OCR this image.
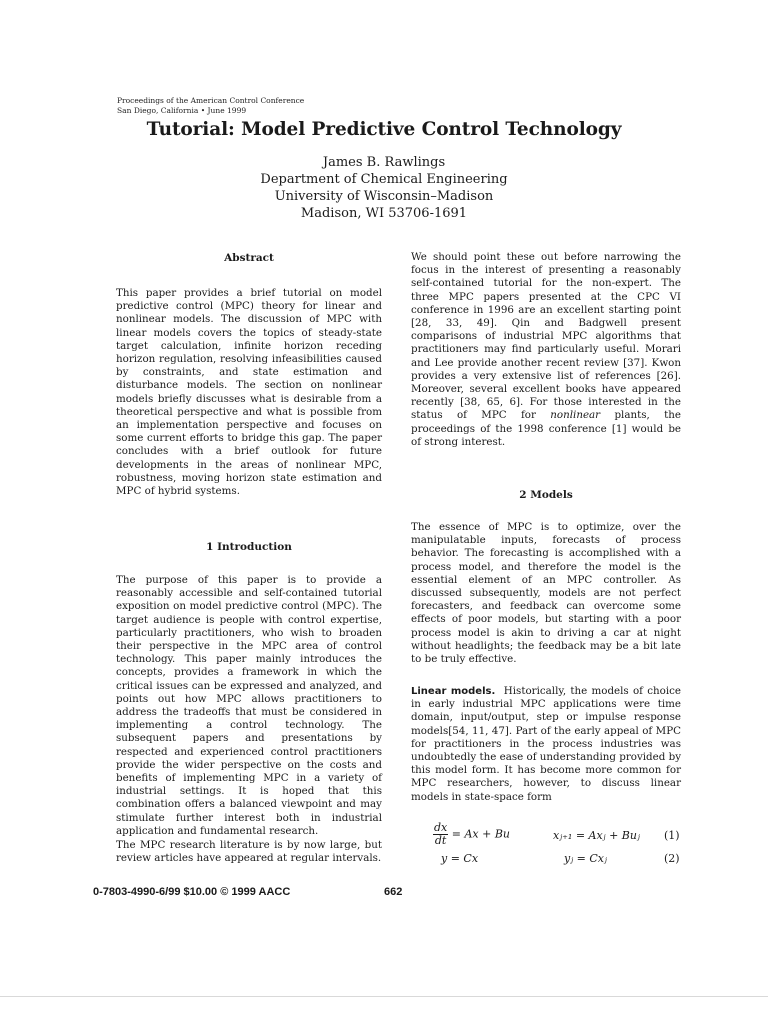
Proceedings of the American Control Conference
San Diego, California • June 1999
Tutorial: Model Predictive Control Technology
James B. Rawlings
Department of Chemical Engineering
University of Wisconsin–Madison
Madison, WI 53706-1691
Abstract

This paper provides a brief tutorial on model predictive control (MPC) theory for linear and nonlinear models. The discussion of MPC with linear models covers the topics of steady-state target calculation, infinite horizon receding horizon regulation, resolving infeasibilities caused by constraints, and state estimation and disturbance models. The section on nonlinear models briefly discusses what is desirable from a theoretical perspective and what is possible from an implementation perspective and focuses on some current efforts to bridge this gap. The paper concludes with a brief outlook for future developments in the areas of nonlinear MPC, robustness, moving horizon state estimation and MPC of hybrid systems.

1 Introduction

The purpose of this paper is to provide a reasonably accessible and self-contained tutorial exposition on model predictive control (MPC). The target audience is people with control expertise, particularly practitioners, who wish to broaden their perspective in the MPC area of control technology. This paper mainly introduces the concepts, provides a framework in which the critical issues can be expressed and analyzed, and points out how MPC allows practitioners to address the tradeoffs that must be considered in implementing a control technology. The subsequent papers and presentations by respected and experienced control practitioners provide the wider perspective on the costs and benefits of implementing MPC in a variety of industrial settings. It is hoped that this combination offers a balanced viewpoint and may stimulate further interest both in industrial application and fundamental research.

The MPC research literature is by now large, but review articles have appeared at regular intervals.

We should point these out before narrowing the focus in the interest of presenting a reasonably self-contained tutorial for the non-expert. The three MPC papers presented at the CPC VI conference in 1996 are an excellent starting point [28, 33, 49]. Qin and Badgwell present comparisons of industrial MPC algorithms that practitioners may find particularly useful. Morari and Lee provide another recent review [37]. Kwon provides a very extensive list of references [26]. Moreover, several excellent books have appeared recently [38, 65, 6]. For those interested in the status of MPC for nonlinear plants, the proceedings of the 1998 conference [1] would be of strong interest.

2 Models

The essence of MPC is to optimize, over the manipulatable inputs, forecasts of process behavior. The forecasting is accomplished with a process model, and therefore the model is the essential element of an MPC controller. As discussed subsequently, models are not perfect forecasters, and feedback can overcome some effects of poor models, but starting with a poor process model is akin to driving a car at night without headlights; the feedback may be a bit late to be truly effective.

Linear models. Historically, the models of choice in early industrial MPC applications were time domain, input/output, step or impulse response models[54, 11, 47]. Part of the early appeal of MPC for practitioners in the process industries was undoubtedly the ease of understanding provided by this model form. It has become more common for MPC researchers, however, to discuss linear models in state-space form

$\frac{dx}{dt} = Ax + Bu$	xⱼ₊₁ = Axⱼ + Buⱼ (1)
y = Cx	yⱼ = Cxⱼ	(2)
0-7803-4990-6/99 $10.00 © 1999 AACC	662
